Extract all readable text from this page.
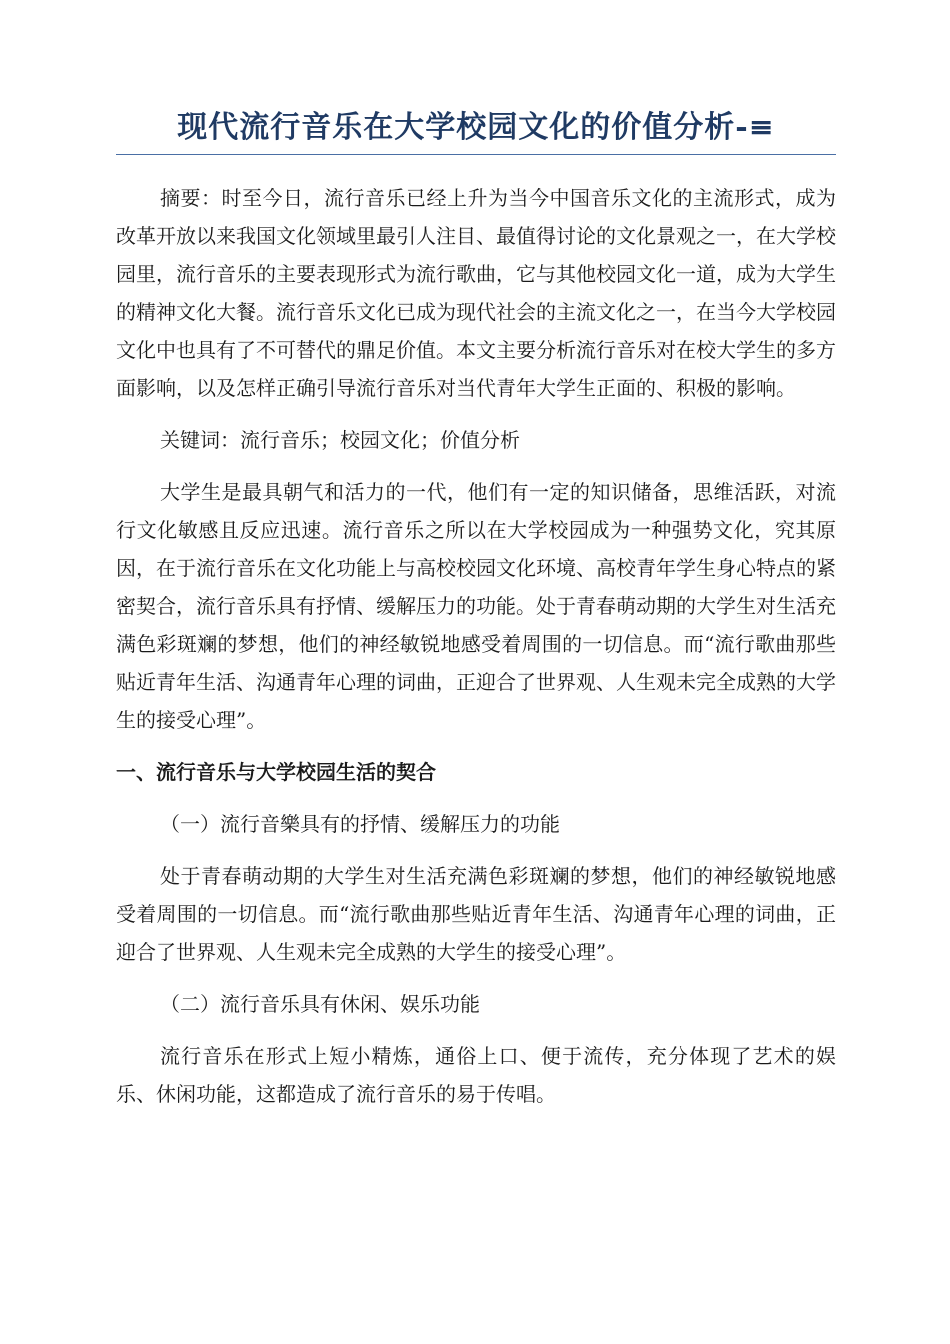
现代流行音乐在大学校园文化的价值分析-≡

摘要：时至今日，流行音乐已经上升为当今中国音乐文化的主流形式，成为改革开放以来我国文化领域里最引人注目、最值得讨论的文化景观之一，在大学校园里，流行音乐的主要表现形式为流行歌曲，它与其他校园文化一道，成为大学生的精神文化大餐。流行音乐文化已成为现代社会的主流文化之一，在当今大学校园文化中也具有了不可替代的鼎足价值。本文主要分析流行音乐对在校大学生的多方面影响，以及怎样正确引导流行音乐对当代青年大学生正面的、积极的影响。

关键词：流行音乐；校园文化；价值分析

大学生是最具朝气和活力的一代，他们有一定的知识储备，思维活跃，对流行文化敏感且反应迅速。流行音乐之所以在大学校园成为一种强势文化，究其原因，在于流行音乐在文化功能上与高校校园文化环境、高校青年学生身心特点的紧密契合，流行音乐具有抒情、缓解压力的功能。处于青春萌动期的大学生对生活充满色彩斑斓的梦想，他们的神经敏锐地感受着周围的一切信息。而“流行歌曲那些贴近青年生活、沟通青年心理的词曲，正迎合了世界观、人生观未完全成熟的大学生的接受心理”。

一、流行音乐与大学校园生活的契合

（一）流行音樂具有的抒情、缓解压力的功能

处于青春萌动期的大学生对生活充满色彩斑斓的梦想，他们的神经敏锐地感受着周围的一切信息。而“流行歌曲那些贴近青年生活、沟通青年心理的词曲，正迎合了世界观、人生观未完全成熟的大学生的接受心理”。

（二）流行音乐具有休闲、娱乐功能

流行音乐在形式上短小精炼，通俗上口、便于流传，充分体现了艺术的娱乐、休闲功能，这都造成了流行音乐的易于传唱。
